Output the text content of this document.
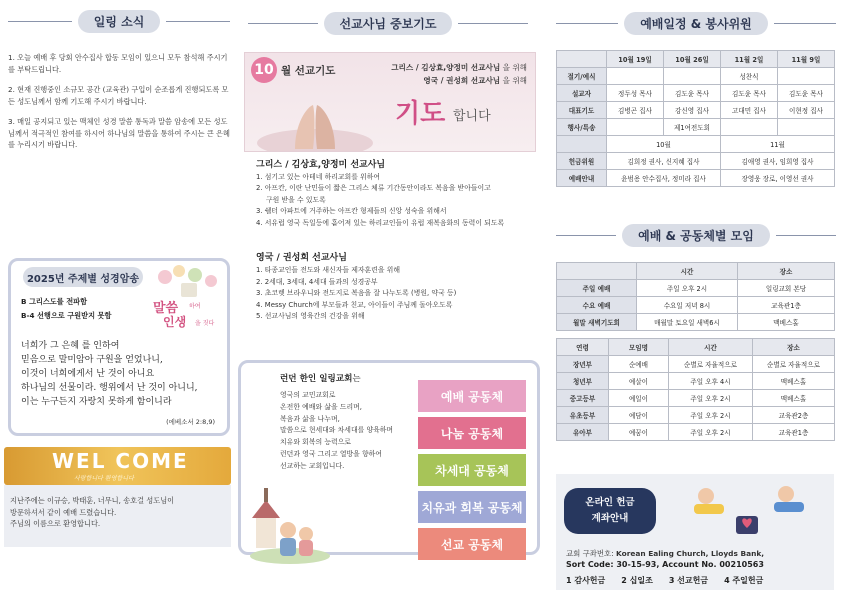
일링 소식

1. 오늘 예배 후 당회 안수집사 합동 모임이 있으니 모두 참석해 주시기를 부탁드립니다.

2. 현재 진행중인 소규모 공간 (교육관) 구입이 순조롭게 진행되도록 모든 성도님께서 함께 기도해 주시기 바랍니다.

3. 매일 공지되고 있는 맥체인 성경 말씀 통독과 말씀 암송에 모든 성도님께서 적극적인 참여를 하시어 하나님의 말씀을 통하여 주시는 큰 은혜를 누리시기 바랍니다.

2025년 주제별 성경암송
B 그리스도를 전파함
B-4 선행으로 구원받지 못함	말씀 하여
인생 을 짓다
너희가 그 은혜 를 인하여
믿음으로 말미암아 구원을 얻었나니,
이것이 너희에게서 난 것이 아니요
하나님의 선물이라. 행위에서 난 것이 아니니,
이는 누구든지 자랑치 못하게 함이니라
(에베소서 2:8,9)
WEL COME
사랑합니다 환영합니다
지난주에는 이규승, 박태훈, 너무니, 송호걸 성도님이
방문하셔서 같이 예배 드렸습니다.
주님의 이름으로 환영합니다.
선교사님 중보기도
10 월 선교기도	그리스 / 김상효,양정미 선교사님 을 위해
영국 / 권성희 선교사님 을 위해
기도 합니다
그리스 / 김상효,양정미 선교사님
1. 섬기고 있는 아테네 하리교회를 위하여
2. 아프칸, 이란 난민들이 짧은 그리스 체류 기간동안이라도 복음을 받아들이고
구원 받을 수 있도록
3. 쉘터 아파트에 거주하는 아프칸 형제들의 신앙 성숙을 위해서
4. 서유럽 영국 독일등에 흩어져 있는 하리교인들이 유럽 재복음화의 동력이 되도록
영국 / 권성희 선교사님
1. 타종교인들 전도와 새신자들 제자훈련을 위해
2. 2세대, 3세대, 4세대 들과의 성경공부
3. 초코렛 브라우니와 전도지로 복음을 잘 나누도록 (병원, 약국 등)
4. Messy Church에 부모들과 친교, 아이들이 주님께 돌아오도록
5. 선교사님의 영육간의 건강을 위해
런던 한인 일링교회는
영국의 교민교회로
온전한 예배와 삶을 드리며,
복음과 삶을 나누며,
말씀으로 현세대와 차세대를 양육하며
치유와 회복의 능력으로
런던과 영국 그리고 열방을 향하여
선교하는 교회입니다.
예배 공동체
나눔 공동체
차세대 공동체
치유과 회복 공동체
선교 공동체
예배일정 & 봉사위원
	10월 19일	10월 26일	11월 2일	11월 9일
절기/예식			성찬식	
설교자	정두성 목사	김도윤 목사	김도윤 목사	김도윤 목사
대표기도	김병곤 집사	강신영 집사	고대민 집사	이현정 집사
행사/특송		제1여전도회		
	10월		11월	
헌금위원	김희정 권사, 신지혜 집사		김애영 권사, 임희영 집사	
예배안내	윤범용 안수집사, 정미라 집사		장영웅 장로, 이영선 권사	
예배 & 공동체별 모임
	시간	장소
주일 예배	주일 오후 2시	일링교회 본당
수요 예배	수요일 저녁 8시	교육관1층
월말 새벽기도회	매월말 토요일 새벽6시	맥베스홀
연령	모임명	시간	장소
장년부	순예배	순별로 자율적으로	순별로 자율적으로
청년부	예살이	주일 오후 4시	맥베스홀
중고등부	예일이	주일 오후 2시	맥베스홀
유초등부	예담이	주일 오후 2시	교육관2층
유아부	예꿈이	주일 오후 2시	교육관1층
온라인 헌금
계좌안내
교회 구좌번호: Korean Ealing Church, Lloyds Bank,
Sort Code: 30-15-93, Account No. 00210563
1 감사헌금 2 십일조 3 선교헌금 4 주일헌금
